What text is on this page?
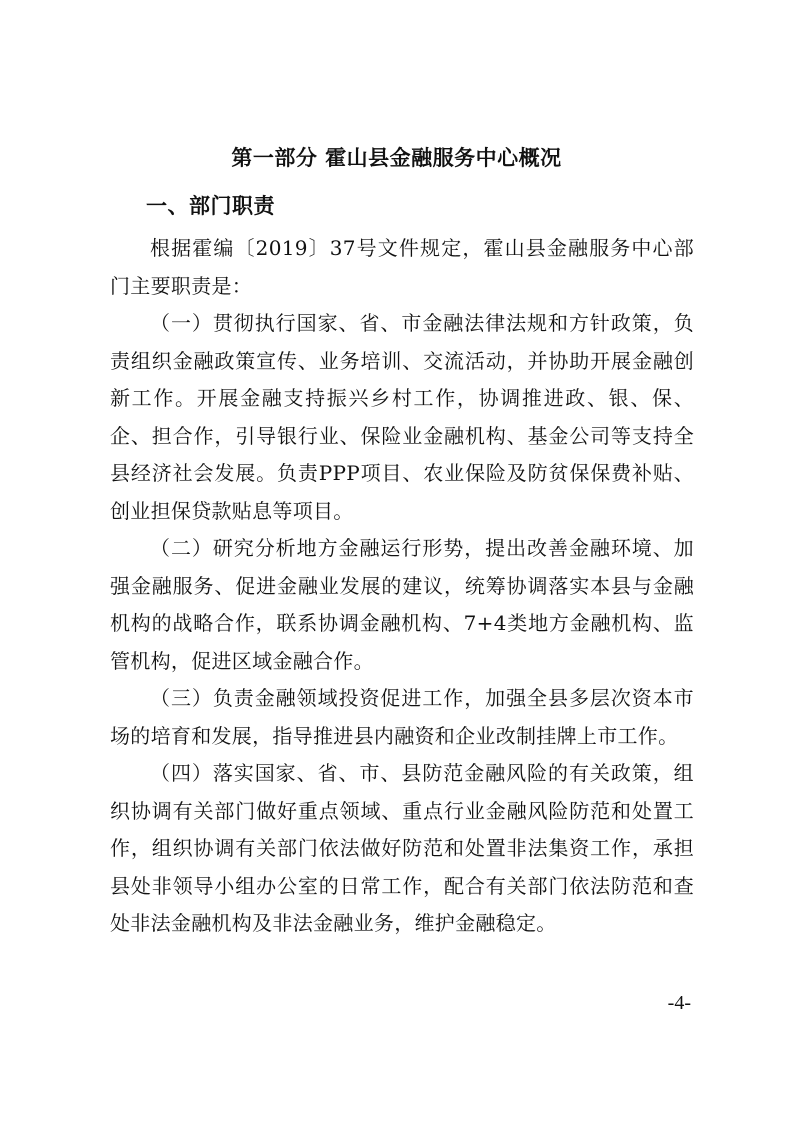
第一部分 霍山县金融服务中心概况
一、部门职责

根据霍编〔2019〕37号文件规定，霍山县金融服务中心部门主要职责是：

（一）贯彻执行国家、省、市金融法律法规和方针政策，负责组织金融政策宣传、业务培训、交流活动，并协助开展金融创新工作。开展金融支持振兴乡村工作，协调推进政、银、保、企、担合作，引导银行业、保险业金融机构、基金公司等支持全县经济社会发展。负责PPP项目、农业保险及防贫保保费补贴、创业担保贷款贴息等项目。

（二）研究分析地方金融运行形势，提出改善金融环境、加强金融服务、促进金融业发展的建议，统筹协调落实本县与金融机构的战略合作，联系协调金融机构、7+4类地方金融机构、监管机构，促进区域金融合作。

（三）负责金融领域投资促进工作，加强全县多层次资本市场的培育和发展，指导推进县内融资和企业改制挂牌上市工作。

（四）落实国家、省、市、县防范金融风险的有关政策，组织协调有关部门做好重点领域、重点行业金融风险防范和处置工作，组织协调有关部门依法做好防范和处置非法集资工作，承担县处非领导小组办公室的日常工作，配合有关部门依法防范和查处非法金融机构及非法金融业务，维护金融稳定。

-4-
